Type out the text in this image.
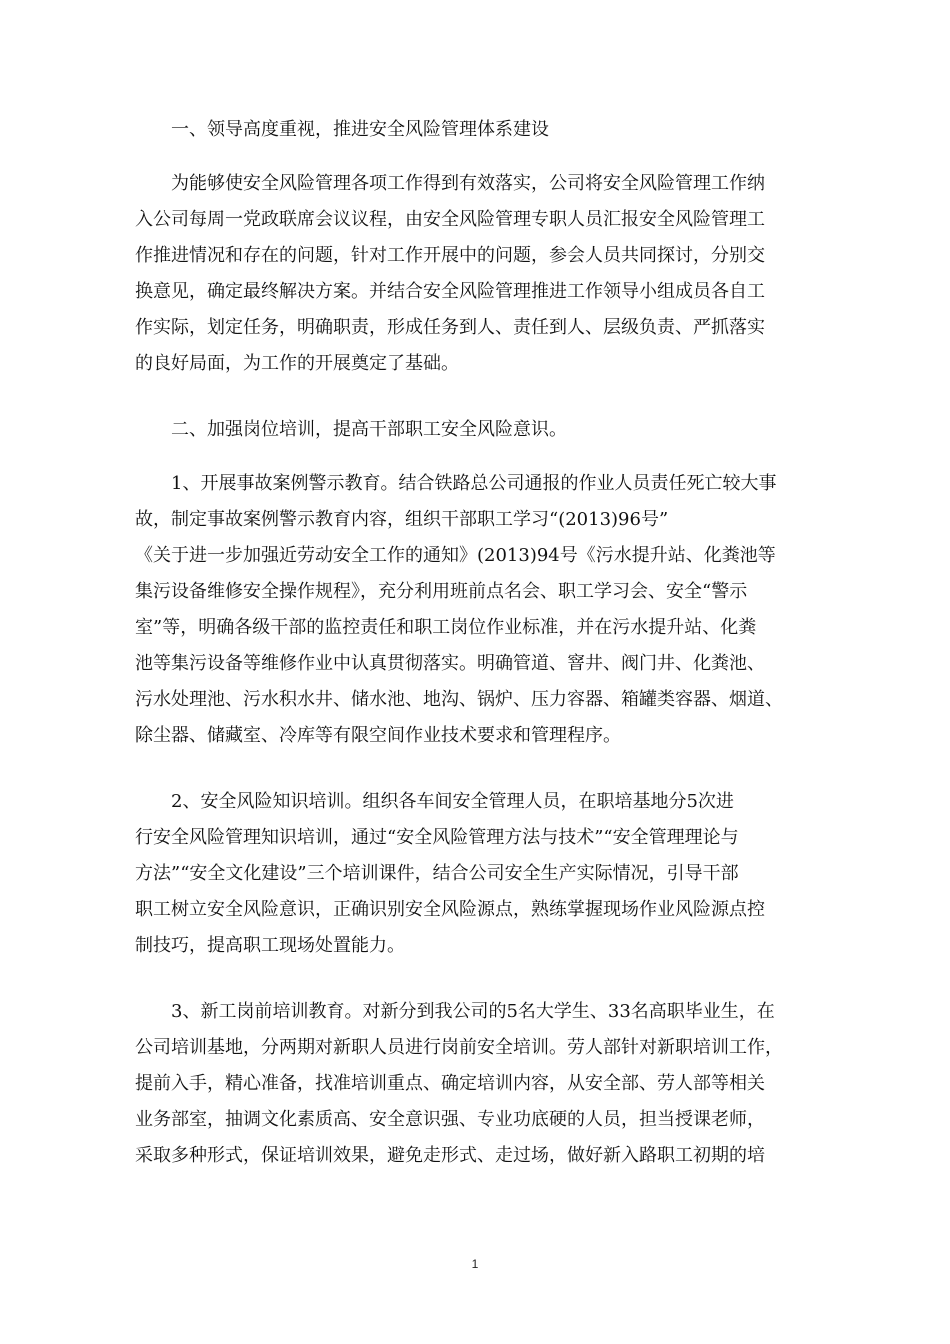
一、领导高度重视，推进安全风险管理体系建设
为能够使安全风险管理各项工作得到有效落实，公司将安全风险管理工作纳
入公司每周一党政联席会议议程，由安全风险管理专职人员汇报安全风险管理工
作推进情况和存在的问题，针对工作开展中的问题，参会人员共同探讨，分别交
换意见，确定最终解决方案。并结合安全风险管理推进工作领导小组成员各自工
作实际，划定任务，明确职责，形成任务到人、责任到人、层级负责、严抓落实
的良好局面，为工作的开展奠定了基础。
二、加强岗位培训，提高干部职工安全风险意识。
1、开展事故案例警示教育。结合铁路总公司通报的作业人员责任死亡较大事
故，制定事故案例警示教育内容，组织干部职工学习“(2013)96号”
《关于进一步加强近劳动安全工作的通知》(2013)94号《污水提升站、化粪池等
集污设备维修安全操作规程》，充分利用班前点名会、职工学习会、安全“警示
室”等，明确各级干部的监控责任和职工岗位作业标准，并在污水提升站、化粪
池等集污设备等维修作业中认真贯彻落实。明确管道、窨井、阀门井、化粪池、
污水处理池、污水积水井、储水池、地沟、锅炉、压力容器、箱罐类容器、烟道、
除尘器、储藏室、冷库等有限空间作业技术要求和管理程序。
2、安全风险知识培训。组织各车间安全管理人员，在职培基地分5次进
行安全风险管理知识培训，通过“安全风险管理方法与技术”“安全管理理论与
方法”“安全文化建设”三个培训课件，结合公司安全生产实际情况，引导干部
职工树立安全风险意识，正确识别安全风险源点，熟练掌握现场作业风险源点控
制技巧，提高职工现场处置能力。
3、新工岗前培训教育。对新分到我公司的5名大学生、33名高职毕业生，在
公司培训基地，分两期对新职人员进行岗前安全培训。劳人部针对新职培训工作，
提前入手，精心准备，找准培训重点、确定培训内容，从安全部、劳人部等相关
业务部室，抽调文化素质高、安全意识强、专业功底硬的人员，担当授课老师，
采取多种形式，保证培训效果，避免走形式、走过场，做好新入路职工初期的培
1
